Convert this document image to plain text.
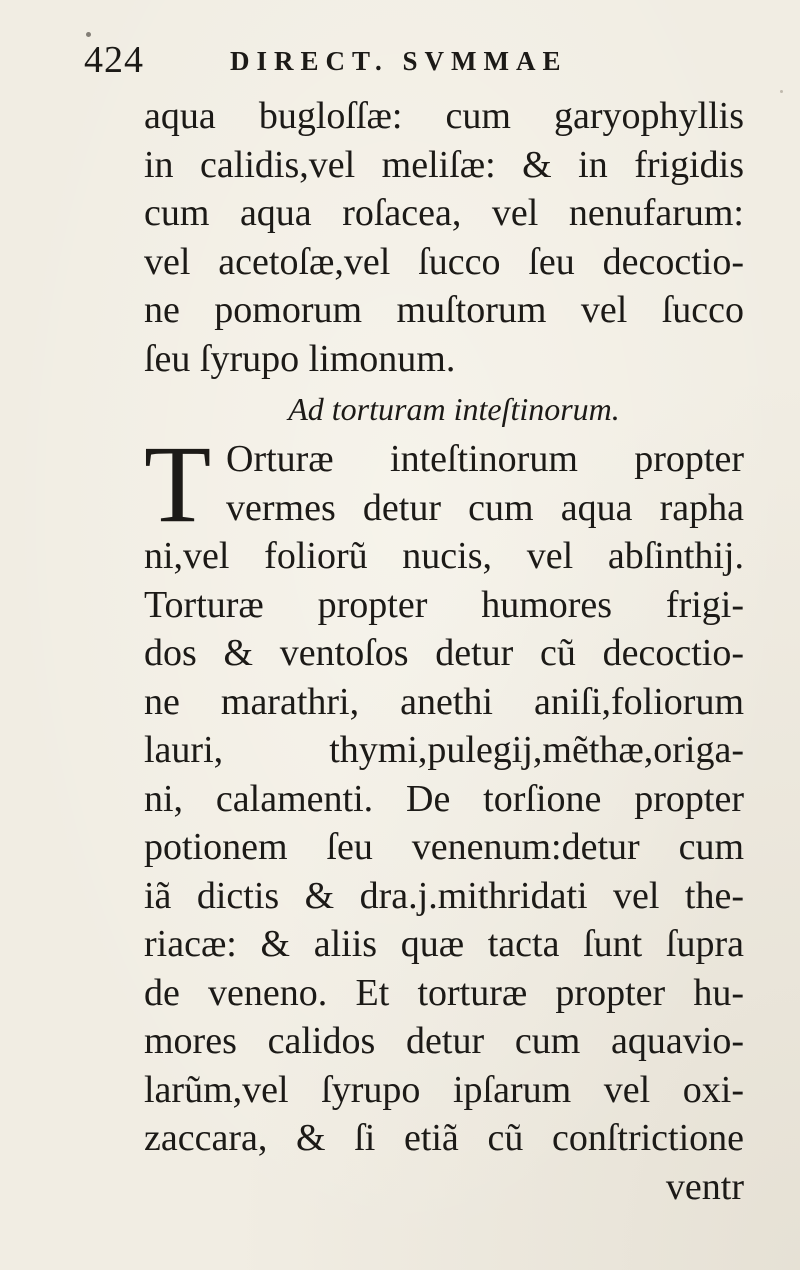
424	DIRECT. SVMMAE
aqua bugloſſæ: cum garyophyllis
in calidis,vel meliſæ: & in frigidis
cum aqua roſacea, vel nenufarum:
vel acetoſæ,vel ſucco ſeu decoctio-
ne pomorum muſtorum vel ſucco
ſeu ſyrupo limonum.
Ad torturam inteſtinorum.
T Orturæ inteſtinorum propter
vermes detur cum aqua rapha
ni,vel foliorũ nucis, vel abſinthij.
Torturæ propter humores frigi-
dos & ventoſos detur cũ decoctio-
ne marathri, anethi aniſi,foliorum
lauri, thymi,pulegij,mẽthæ,origa-
ni, calamenti. De torſione propter
potionem ſeu venenum:detur cum
iã dictis & dra.j.mithridati vel the-
riacæ: & aliis quæ tacta ſunt ſupra
de veneno. Et torturæ propter hu-
mores calidos detur cum aquavio-
larũm,vel ſyrupo ipſarum vel oxi-
zaccara, & ſi etiã cũ conſtrictione
ventr
